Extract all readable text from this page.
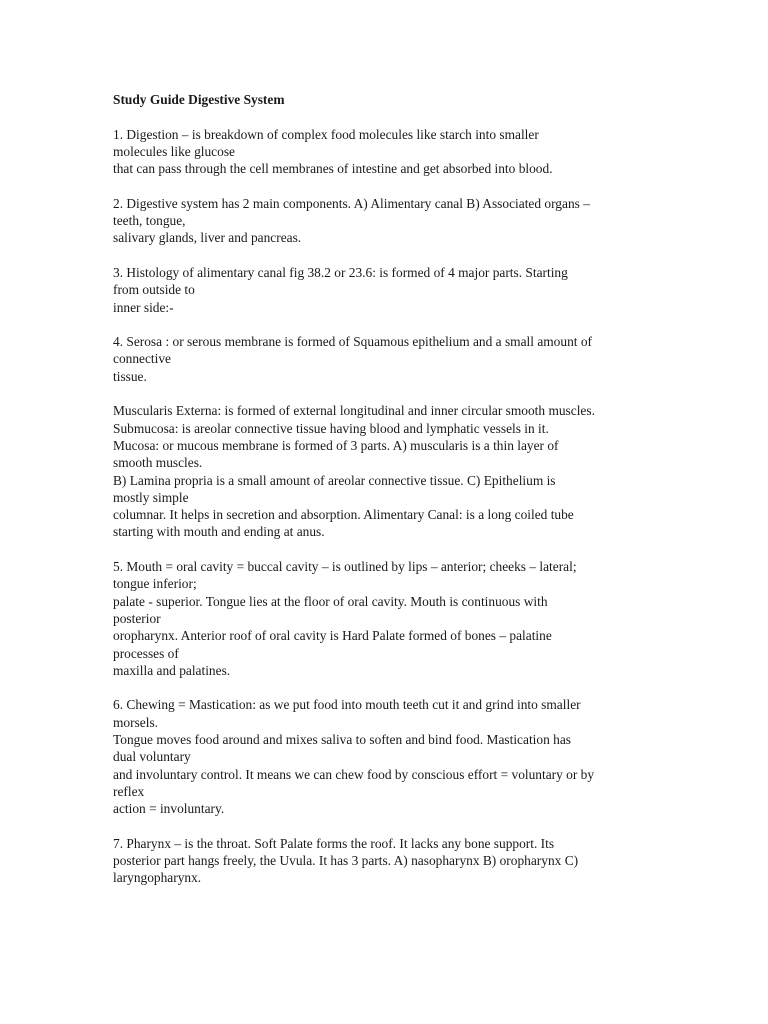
Study Guide Digestive System
1. Digestion – is breakdown of complex food molecules like starch into smaller
molecules like glucose
that can pass through the cell membranes of intestine and get absorbed into blood.
2. Digestive system has 2 main components. A) Alimentary canal B) Associated organs –
teeth, tongue,
salivary glands, liver and pancreas.
3. Histology of alimentary canal fig 38.2 or 23.6: is formed of 4 major parts. Starting
from outside to
inner side:-
4. Serosa : or serous membrane is formed of Squamous epithelium and a small amount of
connective
tissue.
Muscularis Externa: is formed of external longitudinal and inner circular smooth muscles.
Submucosa: is areolar connective tissue having blood and lymphatic vessels in it.
Mucosa: or mucous membrane is formed of 3 parts. A) muscularis is a thin layer of
smooth muscles.
B) Lamina propria is a small amount of areolar connective tissue. C) Epithelium is
mostly simple
columnar. It helps in secretion and absorption. Alimentary Canal: is a long coiled tube
starting with mouth and ending at anus.
5. Mouth = oral cavity = buccal cavity – is outlined by lips – anterior; cheeks – lateral;
tongue inferior;
palate - superior. Tongue lies at the floor of oral cavity. Mouth is continuous with
posterior
oropharynx. Anterior roof of oral cavity is Hard Palate formed of bones – palatine
processes of
maxilla and palatines.
6. Chewing = Mastication: as we put food into mouth teeth cut it and grind into smaller
morsels.
Tongue moves food around and mixes saliva to soften and bind food. Mastication has
dual voluntary
and involuntary control. It means we can chew food by conscious effort = voluntary or by
reflex
action = involuntary.
7. Pharynx – is the throat. Soft Palate forms the roof. It lacks any bone support. Its
posterior part hangs freely, the Uvula. It has 3 parts. A) nasopharynx B) oropharynx C)
laryngopharynx.
